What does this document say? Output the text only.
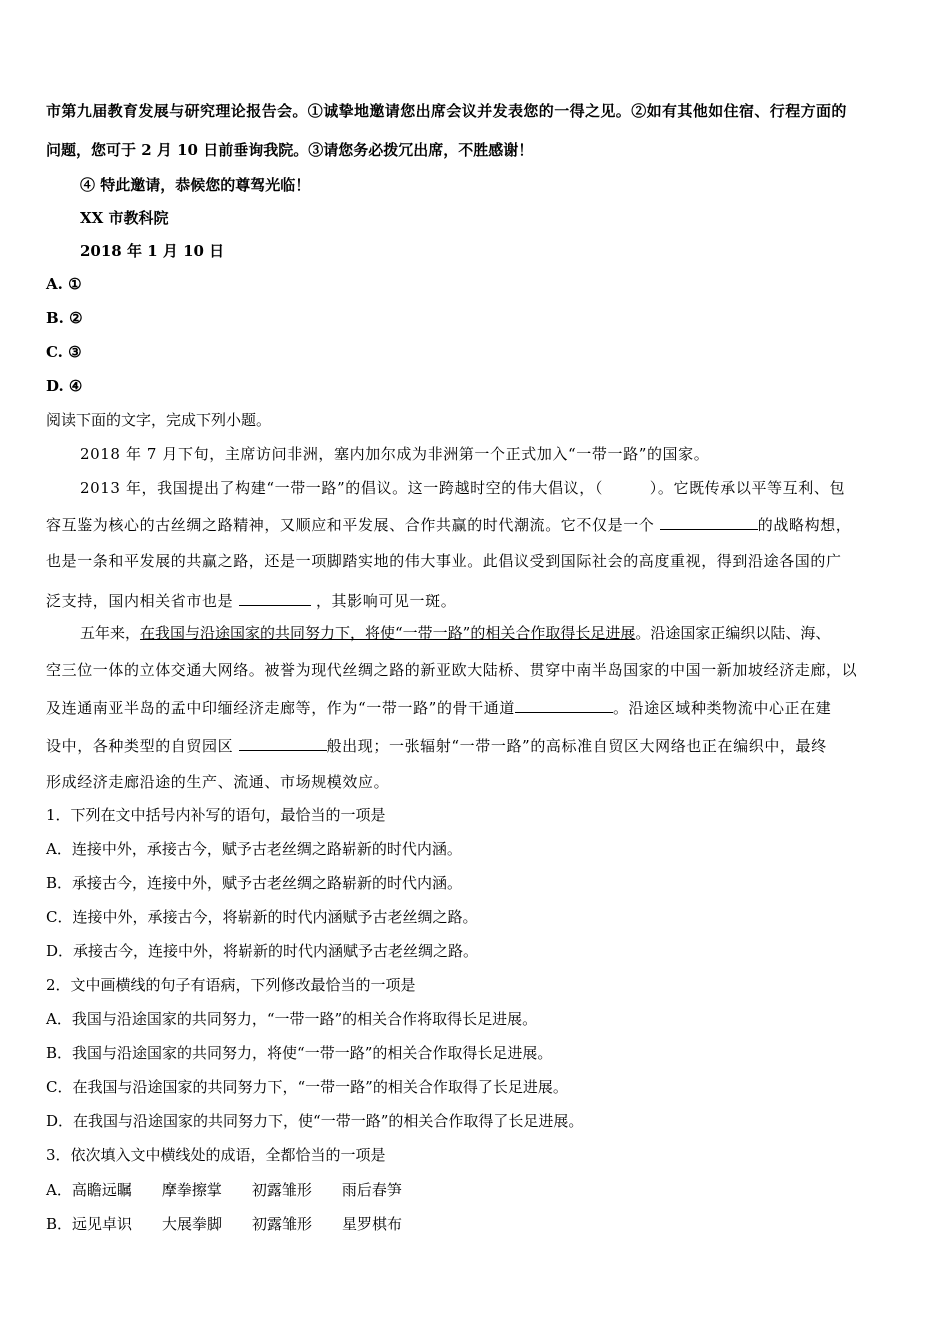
市第九届教育发展与研究理论报告会。①诚挚地邀请您出席会议并发表您的一得之见。②如有其他如住宿、行程方面的
问题，您可于 2 月 10 日前垂询我院。③请您务必拨冗出席，不胜感谢！
④ 特此邀请，恭候您的尊驾光临！
XX 市教科院
2018 年 1 月 10 日
A. ①
B. ②
C. ③
D. ④
阅读下面的文字，完成下列小题。
2018 年 7 月下旬，主席访问非洲，塞内加尔成为非洲第一个正式加入“一带一路”的国家。
2013 年，我国提出了构建“一带一路”的倡议。这一跨越时空的伟大倡议，（　　　）。它既传承以平等互利、包
容互鉴为核心的古丝绸之路精神，又顺应和平发展、合作共赢的时代潮流。它不仅是一个	的战略构想，
也是一条和平发展的共赢之路，还是一项脚踏实地的伟大事业。此倡议受到国际社会的高度重视，得到沿途各国的广
泛支持，国内相关省市也是	，其影响可见一斑。
五年来，在我国与沿途国家的共同努力下，将使“一带一路”的相关合作取得长足进展。沿途国家正编织以陆、海、
空三位一体的立体交通大网络。被誉为现代丝绸之路的新亚欧大陆桥、贯穿中南半岛国家的中国一新加坡经济走廊，以
及连通南亚半岛的孟中印缅经济走廊等，作为“一带一路”的骨干通道	。沿途区域种类物流中心正在建
设中，各种类型的自贸园区	般出现；一张辐射“一带一路”的高标准自贸区大网络也正在编织中，最终
形成经济走廊沿途的生产、流通、市场规模效应。
1．下列在文中括号内补写的语句，最恰当的一项是
A．连接中外，承接古今，赋予古老丝绸之路崭新的时代内涵。
B．承接古今，连接中外，赋予古老丝绸之路崭新的时代内涵。
C．连接中外，承接古今，将崭新的时代内涵赋予古老丝绸之路。
D．承接古今，连接中外，将崭新的时代内涵赋予古老丝绸之路。
2．文中画横线的句子有语病，下列修改最恰当的一项是
A．我国与沿途国家的共同努力，“一带一路”的相关合作将取得长足进展。
B．我国与沿途国家的共同努力，将使“一带一路”的相关合作取得长足进展。
C．在我国与沿途国家的共同努力下，“一带一路”的相关合作取得了长足进展。
D．在我国与沿途国家的共同努力下，使“一带一路”的相关合作取得了长足进展。
3．依次填入文中横线处的成语，全都恰当的一项是
A．高瞻远瞩　　摩拳擦掌　　初露雏形　　雨后春笋
B．远见卓识　　大展拳脚　　初露雏形　　星罗棋布
